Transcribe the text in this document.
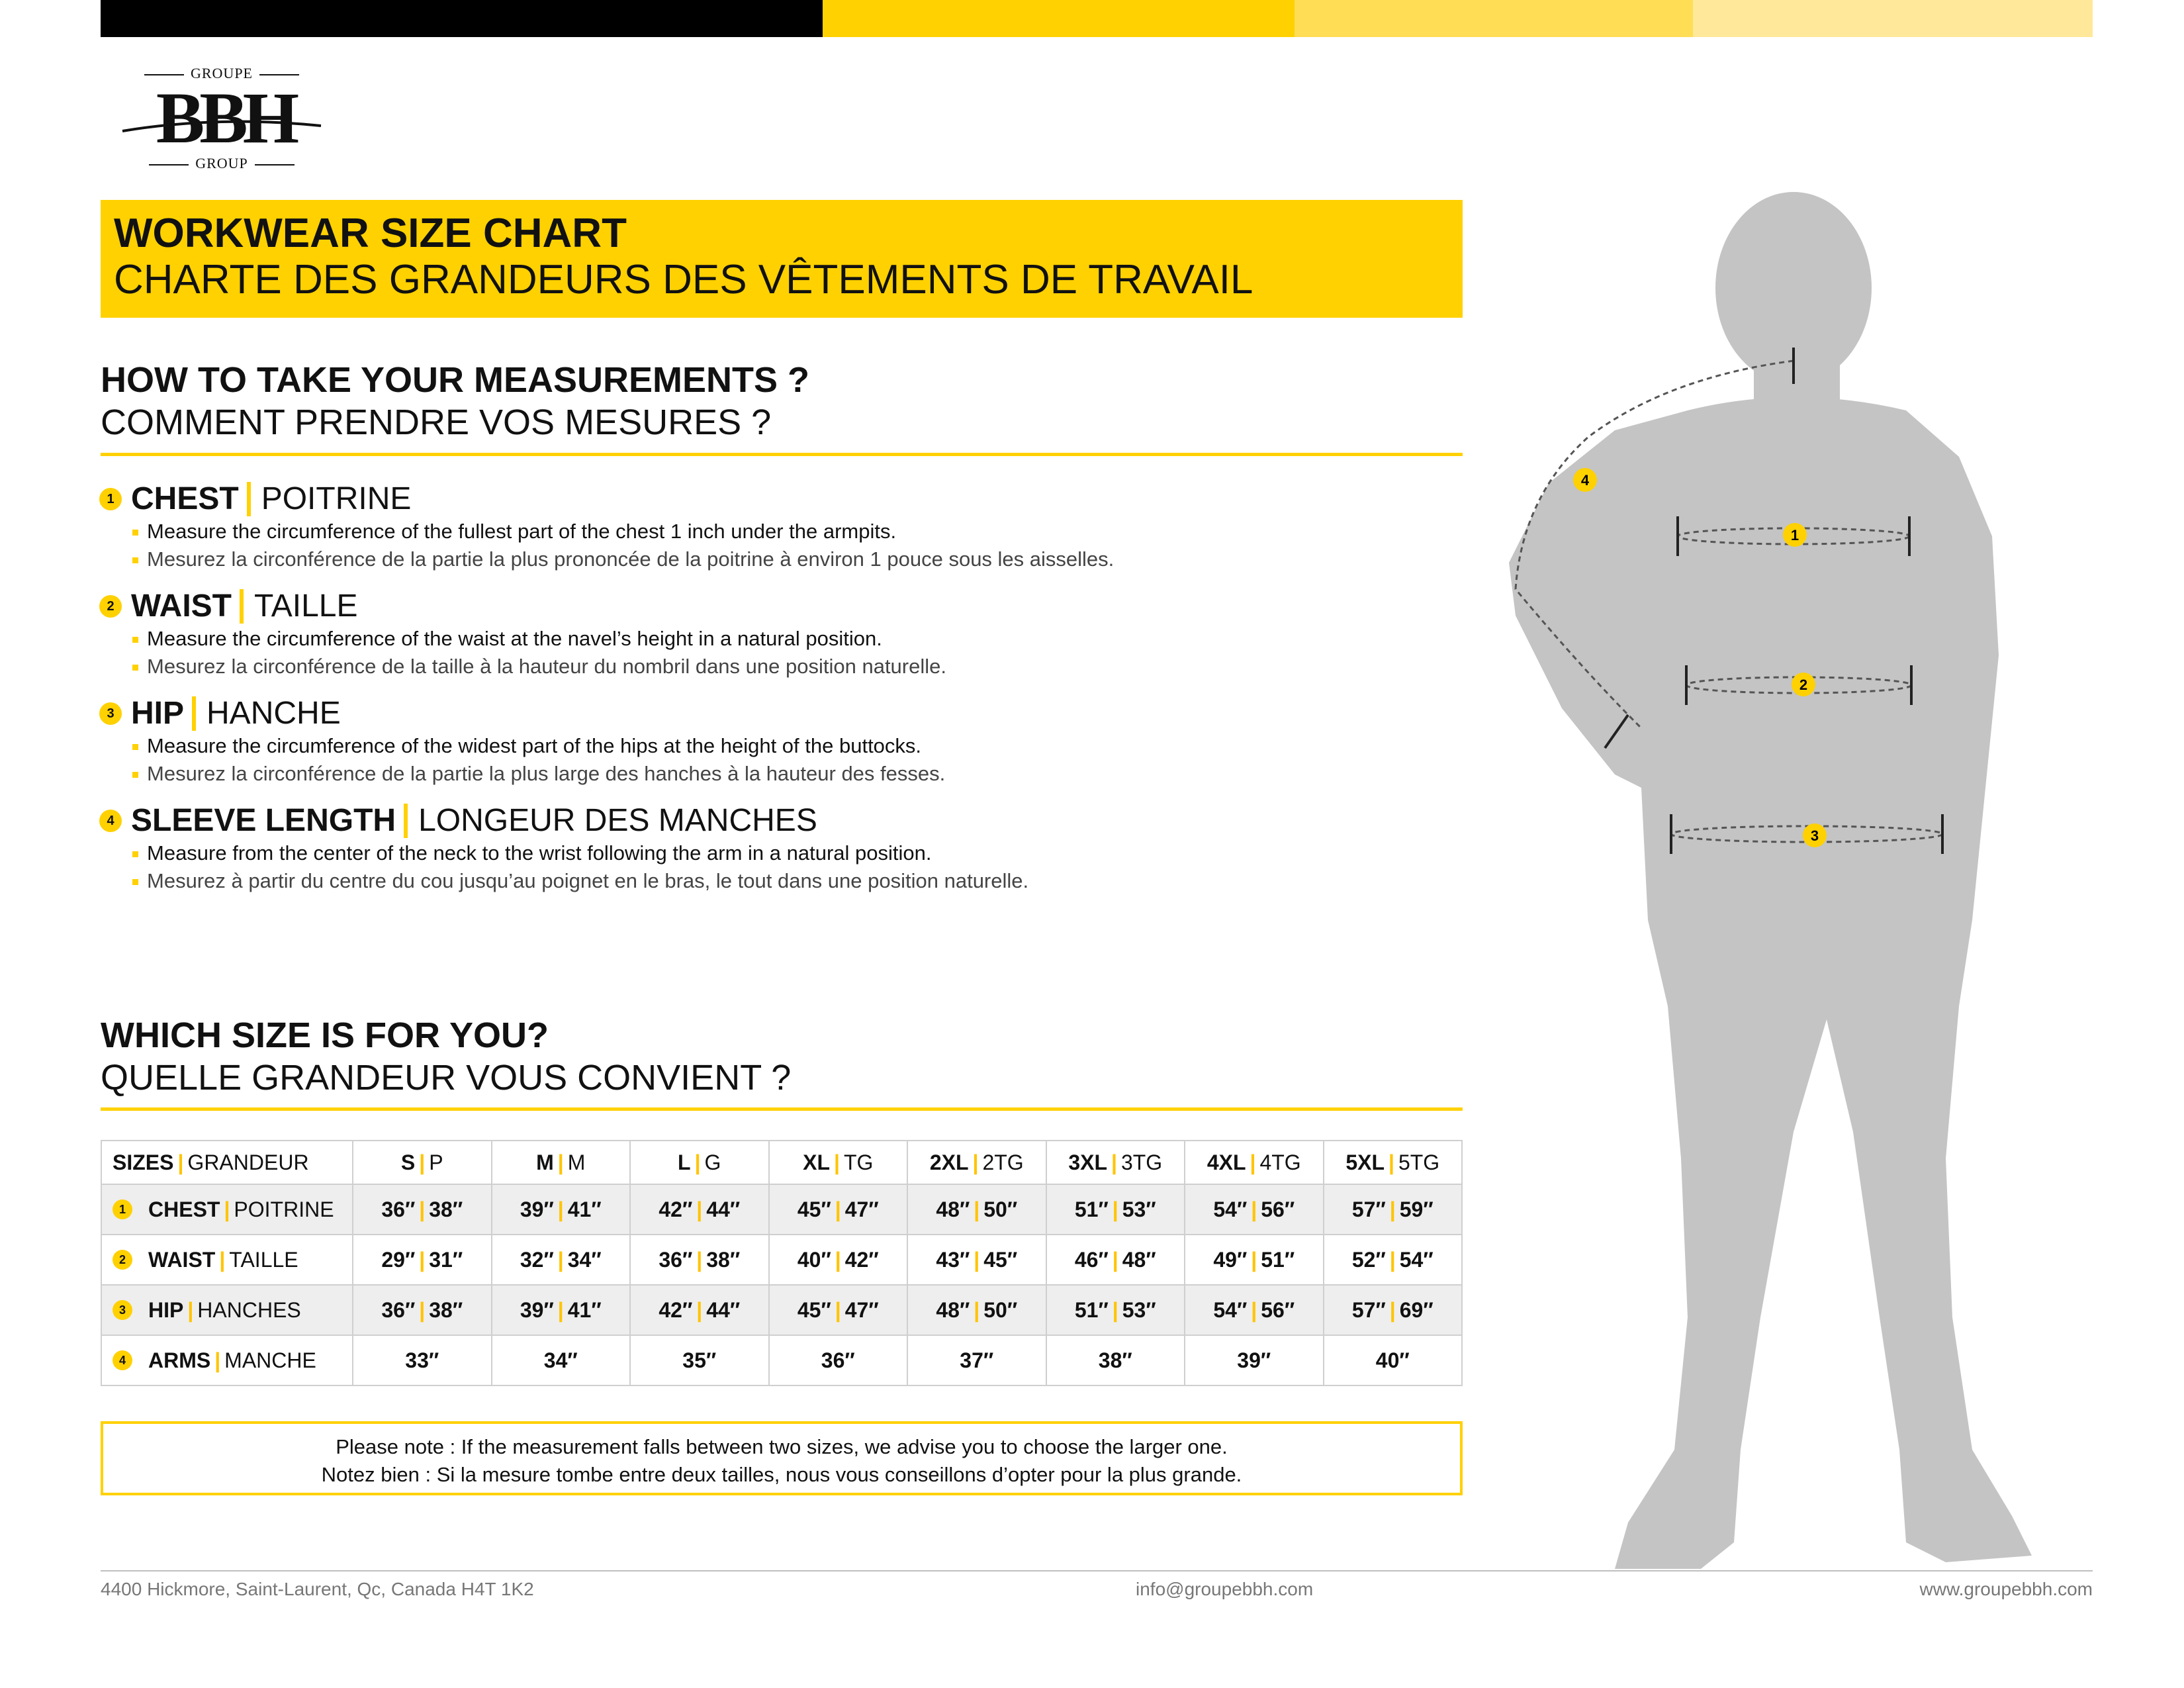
GROUPE
BBH
GROUP
WORKWEAR SIZE CHART
CHARTE DES GRANDEURS DES VÊTEMENTS DE TRAVAIL
HOW TO TAKE YOUR MEASUREMENTS ?
COMMENT PRENDRE VOS MESURES ?
1 CHEST POITRINE
Measure the circumference of the fullest part of the chest 1 inch under the armpits.
Mesurez la circonférence de la partie la plus prononcée de la poitrine à environ 1 pouce sous les aisselles.
2 WAIST TAILLE
Measure the circumference of the waist at the navel’s height in a natural position.
Mesurez la circonférence de la taille à la hauteur du nombril dans une position naturelle.
3 HIP HANCHE
Measure the circumference of the widest part of the hips at the height of the buttocks.
Mesurez la circonférence de la partie la plus large des hanches à la hauteur des fesses.
4 SLEEVE LENGTH LONGEUR DES MANCHES
Measure from the center of the neck to the wrist following the arm in a natural position.
Mesurez à partir du centre du cou jusqu’au poignet en le bras, le tout dans une position naturelle.
WHICH SIZE IS FOR YOU?
QUELLE GRANDEUR VOUS CONVIENT ?
SIZES | GRANDEUR	S | P	M | M	L | G	XL | TG	2XL | 2TG	3XL | 3TG	4XL | 4TG	5XL | 5TG

1 CHEST | POITRINE	36″ | 38″	39″ | 41″	42″ | 44″	45″ | 47″	48″ | 50″	51″ | 53″	54″ | 56″	57″ | 59″

2 WAIST | TAILLE	29″ | 31″	32″ | 34″	36″ | 38″	40″ | 42″	43″ | 45″	46″ | 48″	49″ | 51″	52″ | 54″

3 HIP | HANCHES	36″ | 38″	39″ | 41″	42″ | 44″	45″ | 47″	48″ | 50″	51″ | 53″	54″ | 56″	57″ | 69″

4 ARMS | MANCHE	33″	34″	35″	36″	37″	38″	39″	40″
Please note : If the measurement falls between two sizes, we advise you to choose the larger one.
Notez bien : Si la mesure tombe entre deux tailles, nous vous conseillons d’opter pour la plus grande.
4400 Hickmore, Saint-Laurent, Qc, Canada H4T 1K2	info@groupebbh.com	www.groupebbh.com
1
2
3
4
